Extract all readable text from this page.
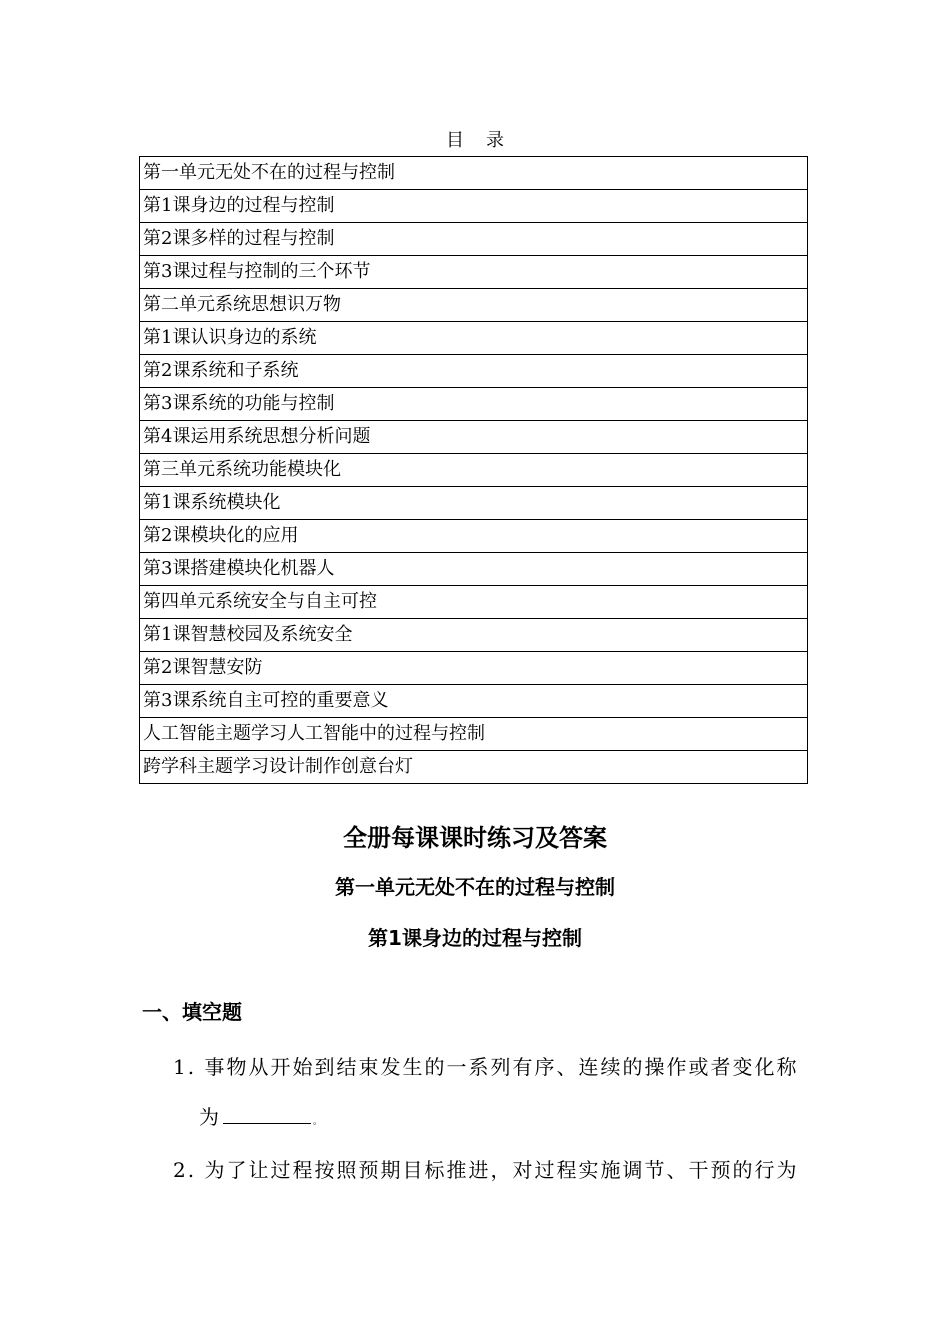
目录
第一单元无处不在的过程与控制
第1课身边的过程与控制
第2课多样的过程与控制
第3课过程与控制的三个环节
第二单元系统思想识万物
第1课认识身边的系统
第2课系统和子系统
第3课系统的功能与控制
第4课运用系统思想分析问题
第三单元系统功能模块化
第1课系统模块化
第2课模块化的应用
第3课搭建模块化机器人
第四单元系统安全与自主可控
第1课智慧校园及系统安全
第2课智慧安防
第3课系统自主可控的重要意义
人工智能主题学习人工智能中的过程与控制
跨学科主题学习设计制作创意台灯
全册每课课时练习及答案
第一单元无处不在的过程与控制
第1课身边的过程与控制
一、填空题
1. 事物从开始到结束发生的一系列有序、连续的操作或者变化称
为	。
2. 为了让过程按照预期目标推进，对过程实施调节、干预的行为
